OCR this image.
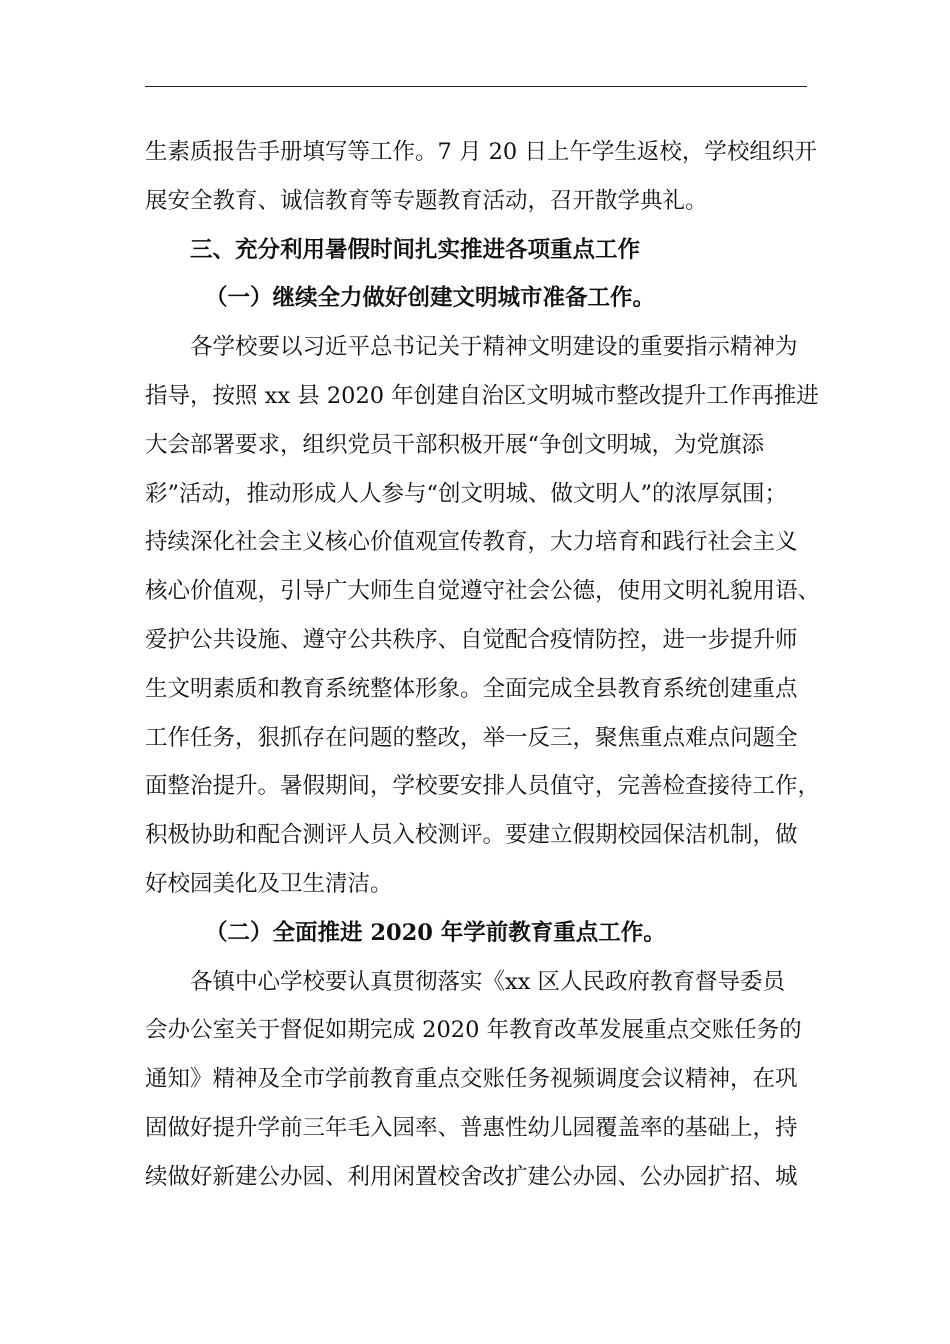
生素质报告手册填写等工作。7 月 20 日上午学生返校，学校组织开
展安全教育、诚信教育等专题教育活动，召开散学典礼。
三、充分利用暑假时间扎实推进各项重点工作
（一）继续全力做好创建文明城市准备工作。
各学校要以习近平总书记关于精神文明建设的重要指示精神为
指导，按照 xx 县 2020 年创建自治区文明城市整改提升工作再推进
大会部署要求，组织党员干部积极开展“争创文明城，为党旗添
彩”活动，推动形成人人参与“创文明城、做文明人”的浓厚氛围；
持续深化社会主义核心价值观宣传教育，大力培育和践行社会主义
核心价值观，引导广大师生自觉遵守社会公德，使用文明礼貌用语、
爱护公共设施、遵守公共秩序、自觉配合疫情防控，进一步提升师
生文明素质和教育系统整体形象。全面完成全县教育系统创建重点
工作任务，狠抓存在问题的整改，举一反三，聚焦重点难点问题全
面整治提升。暑假期间，学校要安排人员值守，完善检查接待工作，
积极协助和配合测评人员入校测评。要建立假期校园保洁机制，做
好校园美化及卫生清洁。
（二）全面推进 2020 年学前教育重点工作。
各镇中心学校要认真贯彻落实《xx 区人民政府教育督导委员
会办公室关于督促如期完成 2020 年教育改革发展重点交账任务的
通知》精神及全市学前教育重点交账任务视频调度会议精神，在巩
固做好提升学前三年毛入园率、普惠性幼儿园覆盖率的基础上，持
续做好新建公办园、利用闲置校舍改扩建公办园、公办园扩招、城
